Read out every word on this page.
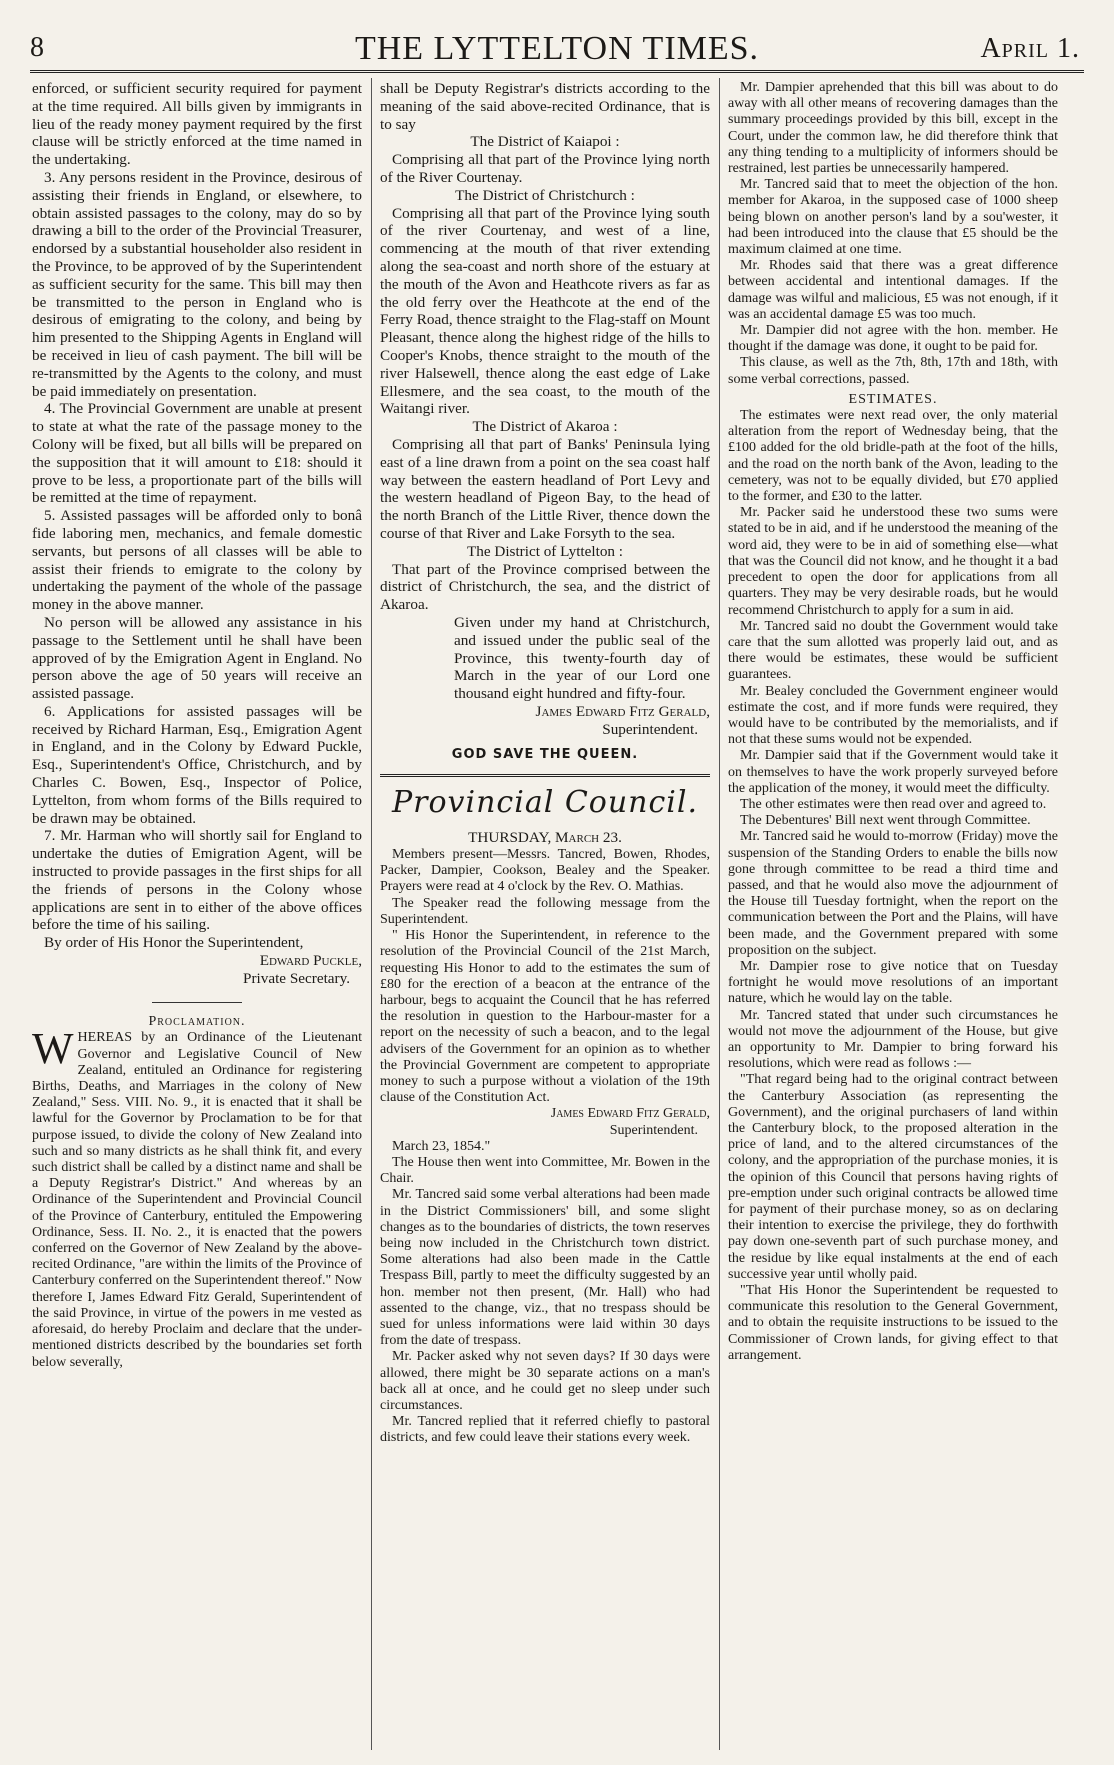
8	THE LYTTELTON TIMES.	April 1.

enforced, or sufficient security required for payment at the time required. All bills given by immigrants in lieu of the ready money payment required by the first clause will be strictly enforced at the time named in the undertaking.

3. Any persons resident in the Province, desirous of assisting their friends in England, or elsewhere, to obtain assisted passages to the colony, may do so by drawing a bill to the order of the Provincial Treasurer, endorsed by a substantial householder also resident in the Province, to be approved of by the Superintendent as sufficient security for the same. This bill may then be transmitted to the person in England who is desirous of emigrating to the colony, and being by him presented to the Shipping Agents in England will be received in lieu of cash payment. The bill will be re-transmitted by the Agents to the colony, and must be paid immediately on presentation.

4. The Provincial Government are unable at present to state at what the rate of the passage money to the Colony will be fixed, but all bills will be prepared on the supposition that it will amount to £18: should it prove to be less, a proportionate part of the bills will be remitted at the time of repayment.

5. Assisted passages will be afforded only to bonâ fide laboring men, mechanics, and female domestic servants, but persons of all classes will be able to assist their friends to emigrate to the colony by undertaking the payment of the whole of the passage money in the above manner.

No person will be allowed any assistance in his passage to the Settlement until he shall have been approved of by the Emigration Agent in England. No person above the age of 50 years will receive an assisted passage.

6. Applications for assisted passages will be received by Richard Harman, Esq., Emigration Agent in England, and in the Colony by Edward Puckle, Esq., Superintendent's Office, Christchurch, and by Charles C. Bowen, Esq., Inspector of Police, Lyttelton, from whom forms of the Bills required to be drawn may be obtained.

7. Mr. Harman who will shortly sail for England to undertake the duties of Emigration Agent, will be instructed to provide passages in the first ships for all the friends of persons in the Colony whose applications are sent in to either of the above offices before the time of his sailing.

By order of His Honor the Superintendent,

Edward Puckle,

Private Secretary.

Proclamation.

WHEREAS by an Ordinance of the Lieutenant Governor and Legislative Council of New Zealand, entituled an Ordinance for registering Births, Deaths, and Marriages in the colony of New Zealand," Sess. VIII. No. 9., it is enacted that it shall be lawful for the Governor by Proclamation to be for that purpose issued, to divide the colony of New Zealand into such and so many districts as he shall think fit, and every such district shall be called by a distinct name and shall be a Deputy Registrar's District." And whereas by an Ordinance of the Superintendent and Provincial Council of the Province of Canterbury, entituled the Empowering Ordinance, Sess. II. No. 2., it is enacted that the powers conferred on the Governor of New Zealand by the above-recited Ordinance, "are within the limits of the Province of Canterbury conferred on the Superintendent thereof." Now therefore I, James Edward Fitz Gerald, Superintendent of the said Province, in virtue of the powers in me vested as aforesaid, do hereby Proclaim and declare that the under-mentioned districts described by the boundaries set forth below severally,

shall be Deputy Registrar's districts according to the meaning of the said above-recited Ordinance, that is to say

The District of Kaiapoi :

Comprising all that part of the Province lying north of the River Courtenay.

The District of Christchurch :

Comprising all that part of the Province lying south of the river Courtenay, and west of a line, commencing at the mouth of that river extending along the sea-coast and north shore of the estuary at the mouth of the Avon and Heathcote rivers as far as the old ferry over the Heathcote at the end of the Ferry Road, thence straight to the Flag-staff on Mount Pleasant, thence along the highest ridge of the hills to Cooper's Knobs, thence straight to the mouth of the river Halsewell, thence along the east edge of Lake Ellesmere, and the sea coast, to the mouth of the Waitangi river.

The District of Akaroa :

Comprising all that part of Banks' Peninsula lying east of a line drawn from a point on the sea coast half way between the eastern headland of Port Levy and the western headland of Pigeon Bay, to the head of the north Branch of the Little River, thence down the course of that River and Lake Forsyth to the sea.

The District of Lyttelton :

That part of the Province comprised between the district of Christchurch, the sea, and the district of Akaroa.

Given under my hand at Christchurch, and issued under the public seal of the Province, this twenty-fourth day of March in the year of our Lord one thousand eight hundred and fifty-four.

James Edward Fitz Gerald,

Superintendent.

GOD SAVE THE QUEEN.

Provincial Council.

THURSDAY, March 23.

Members present—Messrs. Tancred, Bowen, Rhodes, Packer, Dampier, Cookson, Bealey and the Speaker. Prayers were read at 4 o'clock by the Rev. O. Mathias.

The Speaker read the following message from the Superintendent.

" His Honor the Superintendent, in reference to the resolution of the Provincial Council of the 21st March, requesting His Honor to add to the estimates the sum of £80 for the erection of a beacon at the entrance of the harbour, begs to acquaint the Council that he has referred the resolution in question to the Harbour-master for a report on the necessity of such a beacon, and to the legal advisers of the Government for an opinion as to whether the Provincial Government are competent to appropriate money to such a purpose without a violation of the 19th clause of the Constitution Act.

James Edward Fitz Gerald,

Superintendent.

March 23, 1854."

The House then went into Committee, Mr. Bowen in the Chair.

Mr. Tancred said some verbal alterations had been made in the District Commissioners' bill, and some slight changes as to the boundaries of districts, the town reserves being now included in the Christchurch town district. Some alterations had also been made in the Cattle Trespass Bill, partly to meet the difficulty suggested by an hon. member not then present, (Mr. Hall) who had assented to the change, viz., that no trespass should be sued for unless informations were laid within 30 days from the date of trespass.

Mr. Packer asked why not seven days? If 30 days were allowed, there might be 30 separate actions on a man's back all at once, and he could get no sleep under such circumstances.

Mr. Tancred replied that it referred chiefly to pastoral districts, and few could leave their stations every week.

Mr. Dampier aprehended that this bill was about to do away with all other means of recovering damages than the summary proceedings provided by this bill, except in the Court, under the common law, he did therefore think that any thing tending to a multiplicity of informers should be restrained, lest parties be unnecessarily hampered.

Mr. Tancred said that to meet the objection of the hon. member for Akaroa, in the supposed case of 1000 sheep being blown on another person's land by a sou'wester, it had been introduced into the clause that £5 should be the maximum claimed at one time.

Mr. Rhodes said that there was a great difference between accidental and intentional damages. If the damage was wilful and malicious, £5 was not enough, if it was an accidental damage £5 was too much.

Mr. Dampier did not agree with the hon. member. He thought if the damage was done, it ought to be paid for.

This clause, as well as the 7th, 8th, 17th and 18th, with some verbal corrections, passed.

ESTIMATES.

The estimates were next read over, the only material alteration from the report of Wednesday being, that the £100 added for the old bridle-path at the foot of the hills, and the road on the north bank of the Avon, leading to the cemetery, was not to be equally divided, but £70 applied to the former, and £30 to the latter.

Mr. Packer said he understood these two sums were stated to be in aid, and if he understood the meaning of the word aid, they were to be in aid of something else—what that was the Council did not know, and he thought it a bad precedent to open the door for applications from all quarters. They may be very desirable roads, but he would recommend Christchurch to apply for a sum in aid.

Mr. Tancred said no doubt the Government would take care that the sum allotted was properly laid out, and as there would be estimates, these would be sufficient guarantees.

Mr. Bealey concluded the Government engineer would estimate the cost, and if more funds were required, they would have to be contributed by the memorialists, and if not that these sums would not be expended.

Mr. Dampier said that if the Government would take it on themselves to have the work properly surveyed before the application of the money, it would meet the difficulty.

The other estimates were then read over and agreed to.

The Debentures' Bill next went through Committee.

Mr. Tancred said he would to-morrow (Friday) move the suspension of the Standing Orders to enable the bills now gone through committee to be read a third time and passed, and that he would also move the adjournment of the House till Tuesday fortnight, when the report on the communication between the Port and the Plains, will have been made, and the Government prepared with some proposition on the subject.

Mr. Dampier rose to give notice that on Tuesday fortnight he would move resolutions of an important nature, which he would lay on the table.

Mr. Tancred stated that under such circumstances he would not move the adjournment of the House, but give an opportunity to Mr. Dampier to bring forward his resolutions, which were read as follows :—

"That regard being had to the original contract between the Canterbury Association (as representing the Government), and the original purchasers of land within the Canterbury block, to the proposed alteration in the price of land, and to the altered circumstances of the colony, and the appropriation of the purchase monies, it is the opinion of this Council that persons having rights of pre-emption under such original contracts be allowed time for payment of their purchase money, so as on declaring their intention to exercise the privilege, they do forthwith pay down one-seventh part of such purchase money, and the residue by like equal instalments at the end of each successive year until wholly paid.

"That His Honor the Superintendent be requested to communicate this resolution to the General Government, and to obtain the requisite instructions to be issued to the Commissioner of Crown lands, for giving effect to that arrangement.
